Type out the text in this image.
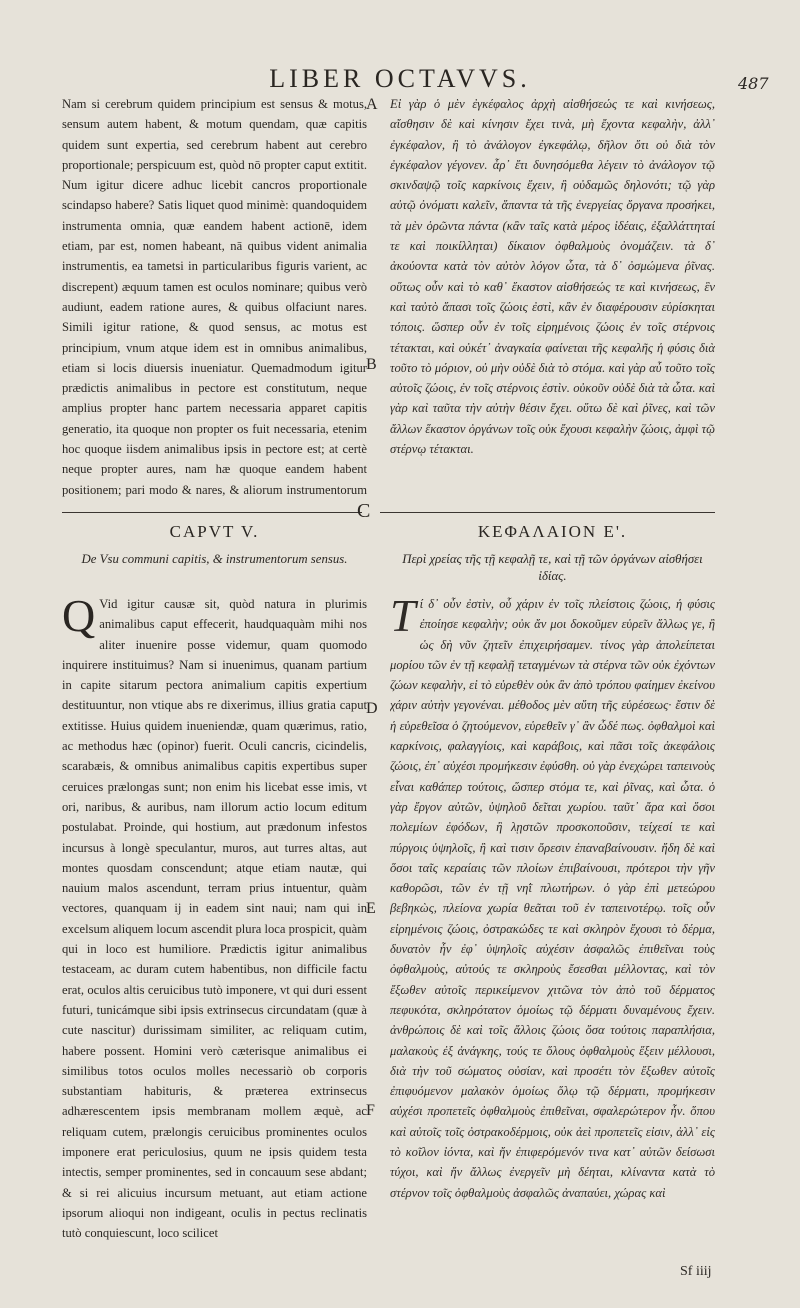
LIBER OCTAVVS.	487

Nam si cerebrum quidem principium est sensus & motus, sensum autem habent, & motum quendam, quæ capitis quidem sunt expertia, sed cerebrum habent aut cerebro proportionale; perspicuum est, quòd nō propter caput extitit. Num igitur dicere adhuc licebit cancros proportionale scindapso habere? Satis liquet quod minimè: quandoquidem instrumenta omnia, quæ eandem habent actionē, idem etiam, par est, nomen habeant, nā quibus vident animalia instrumentis, ea tametsi in particularibus figuris varient, ac discrepent) æquum tamen est oculos nominare; quibus verò audiunt, eadem ratione aures, & quibus olfaciunt nares. Simili igitur ratione, & quod sensus, ac motus est principium, vnum atque idem est in omnibus animalibus, etiam si locis diuersis inueniatur. Quemadmodum igitur prædictis animalibus in pectore est constitutum, neque amplius propter hanc partem necessaria apparet capitis generatio, ita quoque non propter os fuit necessaria, etenim hoc quoque iisdem animalibus ipsis in pectore est; at certè neque propter aures, nam hæ quoque eandem habent positionem; pari modo & nares, & aliorum instrumentorum

Εἰ γὰρ ὁ μὲν ἐγκέφαλος ἀρχὴ αἰσθήσεώς τε καὶ κινήσεως, αἴσθησιν δὲ καὶ κίνησιν ἔχει τινὰ, μὴ ἔχοντα κεφαλὴν, ἀλλ᾽ ἐγκέφαλον, ἢ τὸ ἀνάλογον ἐγκεφάλῳ, δῆλον ὅτι οὐ διὰ τὸν ἐγκέφαλον γέγονεν. ἆρ᾽ ἔτι δυνησόμεθα λέγειν τὸ ἀνάλογον τῷ σκινδαψῷ τοῖς καρκίνοις ἔχειν, ἢ οὐδαμῶς δηλονότι; τῷ γὰρ αὐτῷ ὀνόματι καλεῖν, ἅπαντα τὰ τῆς ἐνεργείας ὄργανα προσήκει, τὰ μὲν ὁρῶντα πάντα (κἂν ταῖς κατὰ μέρος ἰδέαις, ἐξαλλάττηταί τε καὶ ποικίλληται) δίκαιον ὀφθαλμοὺς ὀνομάζειν. τὰ δ᾽ ἀκούοντα κατὰ τὸν αὐτὸν λόγον ὦτα, τὰ δ᾽ ὀσμώμενα ῥῖνας. οὕτως οὖν καὶ τὸ καθ᾽ ἕκαστον αἰσθήσεώς τε καὶ κινήσεως, ἓν καὶ ταὐτὸ ἅπασι τοῖς ζώοις ἐστὶ, κἂν ἐν διαφέρουσιν εὑρίσκηται τόποις. ὥσπερ οὖν ἐν τοῖς εἰρημένοις ζώοις ἐν τοῖς στέρνοις τέτακται, καὶ οὐκέτ᾽ ἀναγκαία φαίνεται τῆς κεφαλῆς ἡ φύσις διὰ τοῦτο τὸ μόριον, οὐ μὴν οὐδὲ διὰ τὸ στόμα. καὶ γὰρ αὖ τοῦτο τοῖς αὐτοῖς ζώοις, ἐν τοῖς στέρνοις ἐστὶν. οὐκοῦν οὐδὲ διὰ τὰ ὦτα. καὶ γὰρ καὶ ταῦτα τὴν αὐτὴν θέσιν ἔχει. οὕτω δὲ καὶ ῥῖνες, καὶ τῶν ἄλλων ἕκαστον ὀργάνων τοῖς οὐκ ἔχουσι κεφαλὴν ζώοις, ἀμφὶ τῷ στέρνῳ τέτακται.

A
B
C
CAPVT V.	ΚΕΦΑΛΑΙΟΝ Ε'.
De Vsu communi capitis, & instrumentorum sensus.	Περὶ χρείας τῆς τῇ κεφαλῇ τε, καὶ τῇ τῶν ὀργάνων αἰσθήσει ἰδίας.

Q Vid igitur causæ sit, quòd natura in plurimis animalibus caput effecerit, haudquaquàm mihi nos aliter inuenire posse videmur, quam quomodo inquirere instituimus? Nam si inuenimus, quanam partium in capite sitarum pectora animalium capitis expertium destituuntur, non vtique abs re dixerimus, illius gratia caput extitisse. Huius quidem inueniendæ, quam quærimus, ratio, ac methodus hæc (opinor) fuerit. Oculi cancris, cicindelis, scarabæis, & omnibus animalibus capitis expertibus super ceruices prælongas sunt; non enim his licebat esse imis, vt ori, naribus, & auribus, nam illorum actio locum editum postulabat. Proinde, qui hostium, aut prædonum infestos incursus à longè speculantur, muros, aut turres altas, aut montes quosdam conscendunt; atque etiam nautæ, qui nauium malos ascendunt, terram prius intuentur, quàm vectores, quanquam ij in eadem sint naui; nam qui in excelsum aliquem locum ascendit plura loca prospicit, quàm qui in loco est humiliore. Prædictis igitur animalibus testaceam, ac duram cutem habentibus, non difficile factu erat, oculos altis ceruicibus tutò imponere, vt qui duri essent futuri, tunicámque sibi ipsis extrinsecus circundatam (quæ à cute nascitur) durissimam similiter, ac reliquam cutim, habere possent. Homini verò cæterisque animalibus ei similibus totos oculos molles necessariò ob corporis substantiam habituris, & præterea extrinsecus adhærescentem ipsis membranam mollem æquè, ac reliquam cutem, prælongis ceruicibus prominentes oculos imponere erat periculosius, quum ne ipsis quidem testa intectis, semper prominentes, sed in concauum sese abdant; & si rei alicuius incursum metuant, aut etiam actione ipsorum alioqui non indigeant, oculis in pectus reclinatis tutò conquiescunt, loco scilicet

Τί δ᾽ οὖν ἐστὶν, οὗ χάριν ἐν τοῖς πλείστοις ζώοις, ἡ φύσις ἐποίησε κεφαλὴν; οὐκ ἄν μοι δοκοῦμεν εὑρεῖν ἄλλως γε, ἢ ὡς δὴ νῦν ζητεῖν ἐπιχειρήσαμεν. τίνος γὰρ ἀπολείπεται μορίου τῶν ἐν τῇ κεφαλῇ τεταγμένων τὰ στέρνα τῶν οὐκ ἐχόντων ζώων κεφαλὴν, εἰ τὸ εὑρεθὲν οὐκ ἂν ἀπὸ τρόπου φαίημεν ἐκείνου χάριν αὐτὴν γεγονέναι. μέθοδος μὲν αὕτη τῆς εὑρέσεως· ἔστιν δὲ ἡ εὑρεθεῖσα ὁ ζητούμενον, εὑρεθεῖν γ᾽ ἂν ὧδέ πως. ὀφθαλμοὶ καὶ καρκίνοις, φαλαγγίοις, καὶ καράβοις, καὶ πᾶσι τοῖς ἀκεφάλοις ζώοις, ἐπ᾽ αὐχέσι προμήκεσιν ἐφύσθη. οὐ γὰρ ἐνεχώρει ταπεινοὺς εἶναι καθάπερ τούτοις, ὥσπερ στόμα τε, καὶ ῥῖνας, καὶ ὦτα. ὁ γὰρ ἔργον αὐτῶν, ὑψηλοῦ δεῖται χωρίου. ταῦτ᾽ ἄρα καὶ ὅσοι πολεμίων ἐφόδων, ἢ λῃστῶν προσκοποῦσιν, τείχεσί τε καὶ πύργοις ὑψηλοῖς, ἢ καὶ τισιν ὄρεσιν ἐπαναβαίνουσιν. ἤδη δὲ καὶ ὅσοι ταῖς κεραίαις τῶν πλοίων ἐπιβαίνουσι, πρότεροι τὴν γῆν καθορῶσι, τῶν ἐν τῇ νηῒ πλωτήρων. ὁ γὰρ ἐπὶ μετεώρου βεβηκὼς, πλείονα χωρία θεᾶται τοῦ ἐν ταπεινοτέρῳ. τοῖς οὖν εἰρημένοις ζώοις, ὀστρακώδες τε καὶ σκληρὸν ἔχουσι τὸ δέρμα, δυνατὸν ἦν ἐφ᾽ ὑψηλοῖς αὐχέσιν ἀσφαλῶς ἐπιθεῖναι τοὺς ὀφθαλμοὺς, αὐτούς τε σκληροὺς ἔσεσθαι μέλλοντας, καὶ τὸν ἔξωθεν αὐτοῖς περικείμενον χιτῶνα τὸν ἀπὸ τοῦ δέρματος πεφυκότα, σκληρότατον ὁμοίως τῷ δέρματι δυναμένους ἔχειν. ἀνθρώποις δὲ καὶ τοῖς ἄλλοις ζώοις ὅσα τούτοις παραπλήσια, μαλακοὺς ἐξ ἀνάγκης, τούς τε ὅλους ὀφθαλμοὺς ἕξειν μέλλουσι, διὰ τὴν τοῦ σώματος οὐσίαν, καὶ προσέτι τὸν ἔξωθεν αὐτοῖς ἐπιφυόμενον μαλακὸν ὁμοίως ὅλῳ τῷ δέρματι, προμήκεσιν αὐχέσι προπετεῖς ὀφθαλμοὺς ἐπιθεῖναι, σφαλερώτερον ἦν. ὅπου καὶ αὐτοῖς τοῖς ὀστρακοδέρμοις, οὐκ ἀεὶ προπετεῖς εἰσιν, ἀλλ᾽ εἰς τὸ κοῖλον ἰόντα, καὶ ἤν ἐπιφερόμενόν τινα κατ᾽ αὐτῶν δείσωσι τύχοι, καὶ ἤν ἄλλως ἐνεργεῖν μὴ δέηται, κλίναντα κατὰ τὸ στέρνον τοῖς ὀφθαλμοὺς ἀσφαλῶς ἀναπαύει, χώρας καὶ

D
E
F
Sf iiij
